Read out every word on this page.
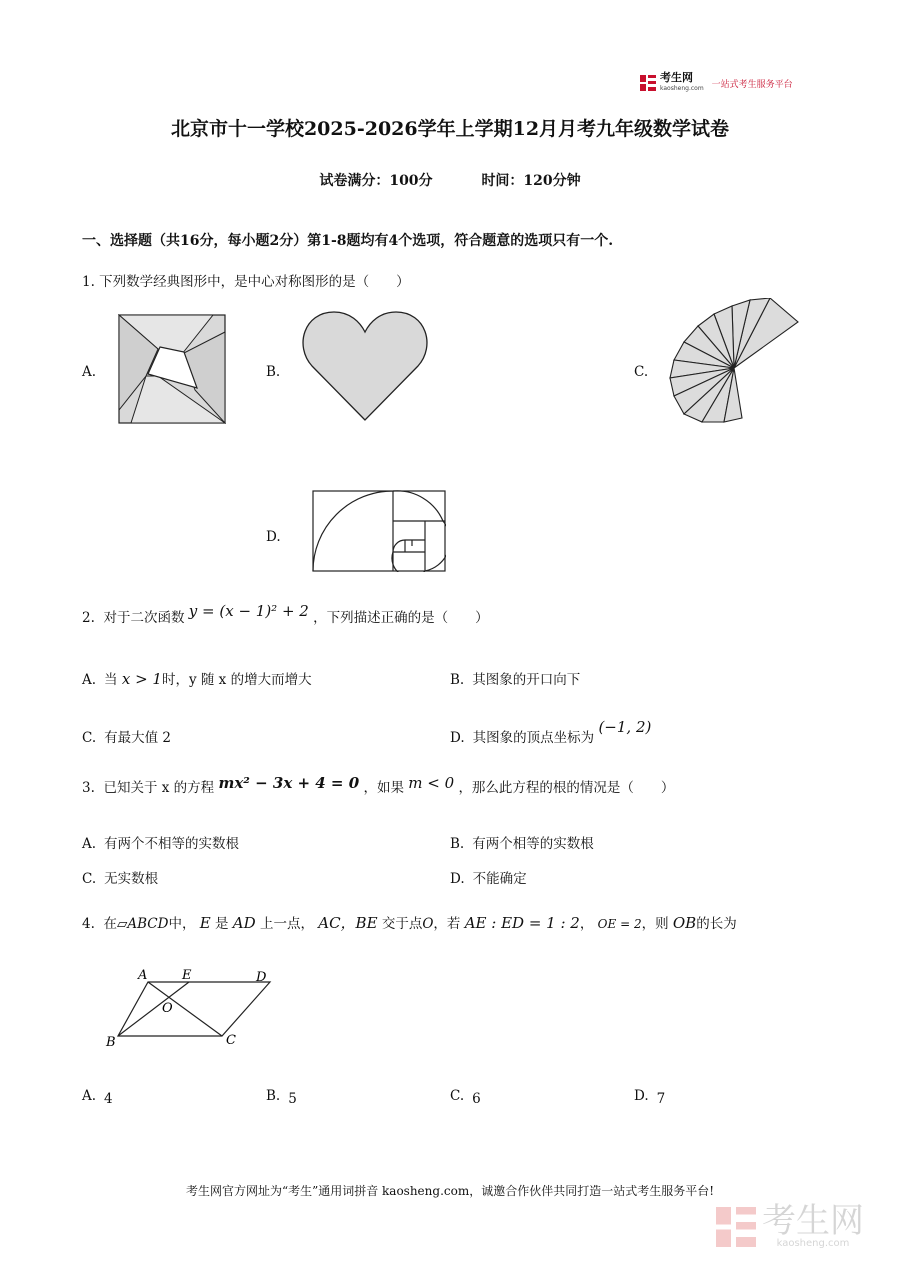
考生网
kaosheng.com 一站式考生服务平台
北京市十一学校2025-2026学年上学期12月月考九年级数学试卷
试卷满分：100分	时间：120分钟
一、选择题（共16分，每小题2分）第1-8题均有4个选项，符合题意的选项只有一个.
1. 下列数学经典图形中，是中心对称图形的是（　　）
A.	B.	C.
D.
2. 对于二次函数 y = (x − 1)² + 2 ，下列描述正确的是（　　）
A. 当 x > 1时，y 随 x 的增大而增大	B. 其图象的开口向下
C. 有最大值 2	D. 其图象的顶点坐标为 (−1, 2)
3. 已知关于 x 的方程 mx² − 3x + 4 = 0 ，如果 m < 0 ，那么此方程的根的情况是（　　）
A. 有两个不相等的实数根	B. 有两个相等的实数根
C. 无实数根	D. 不能确定
4. 在▱ABCD中， E 是 AD 上一点， AC，BE 交于点O，若 AE : ED = 1 : 2， OE = 2，则 OB的长为
A	E	D
O
B	C
A. 4	B. 5	C. 6	D. 7
考生网官方网址为“考生”通用词拼音 kaosheng.com，诚邀合作伙伴共同打造一站式考生服务平台!
考生网
kaosheng.com
